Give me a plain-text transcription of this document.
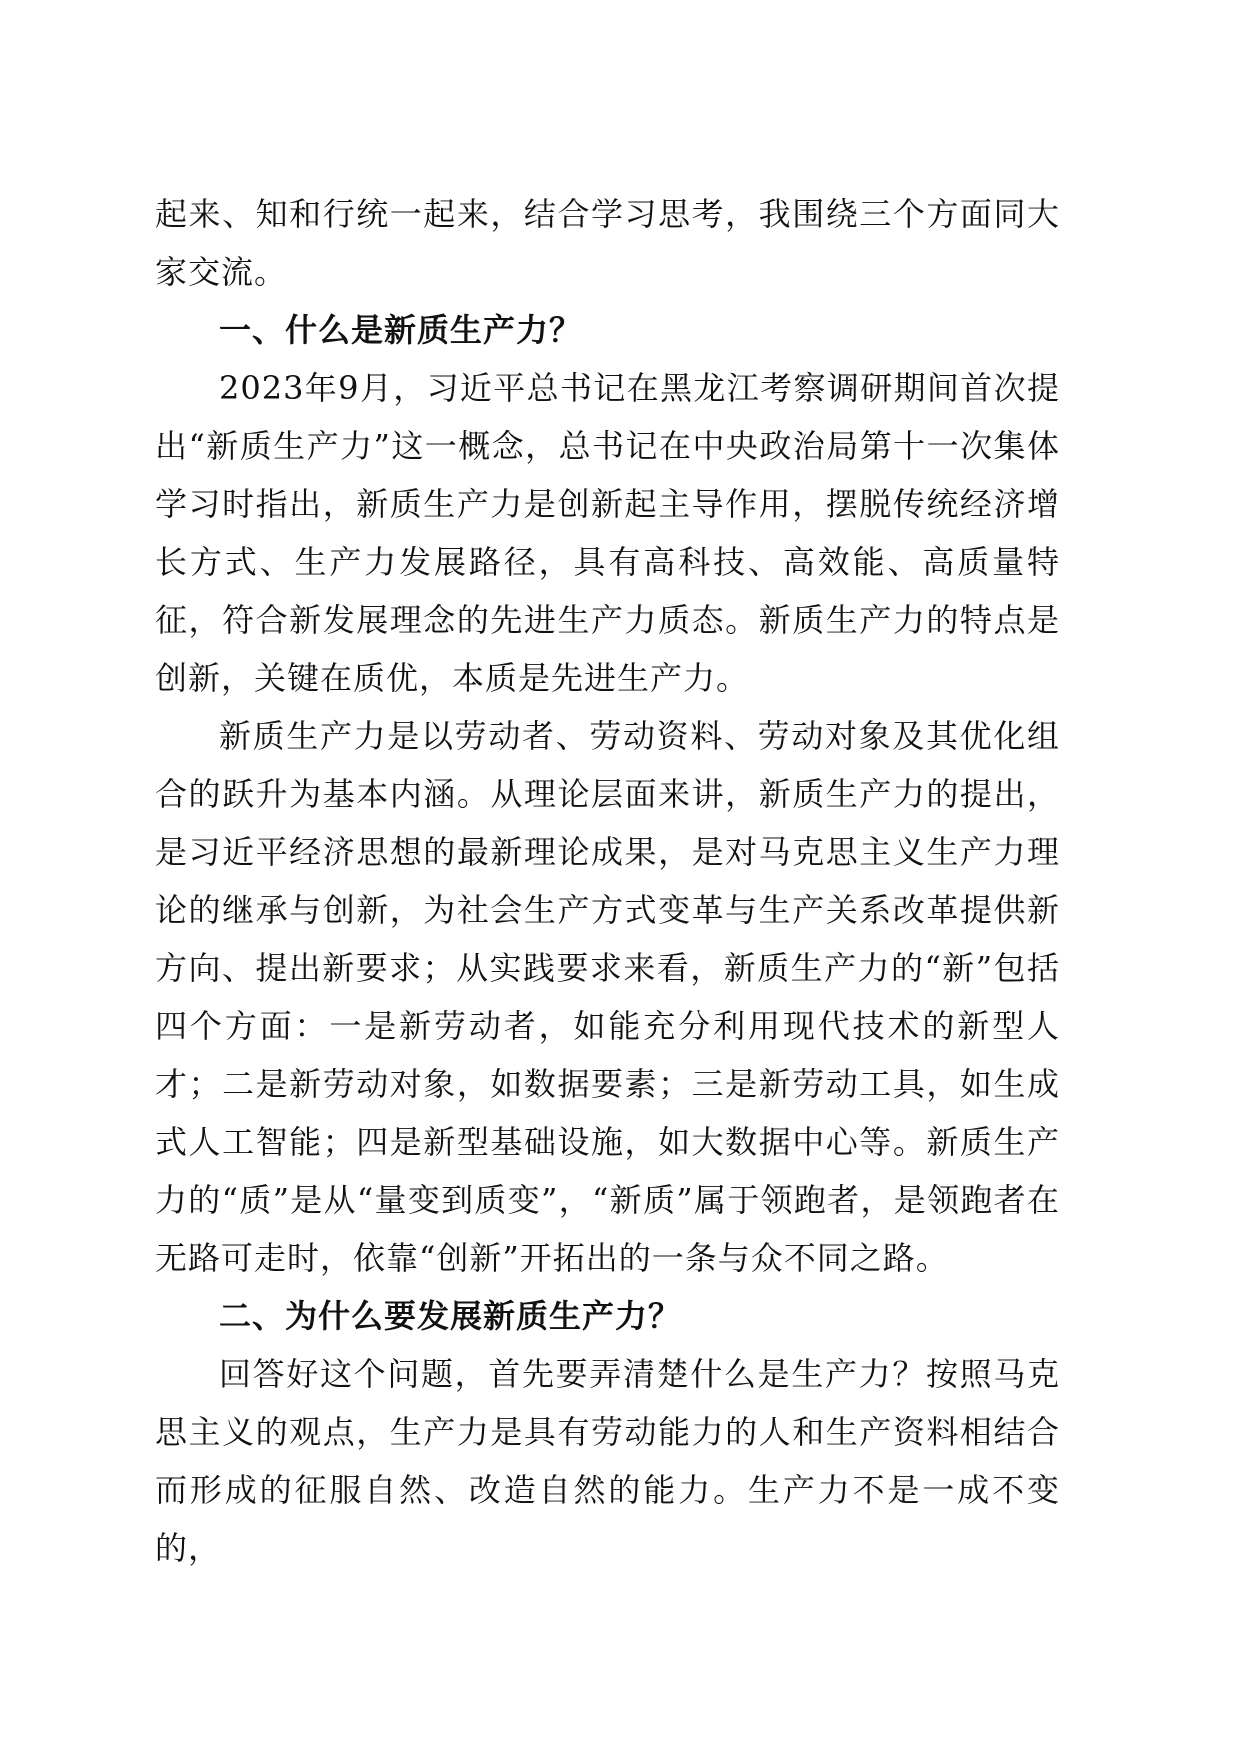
起来、知和行统一起来，结合学习思考，我围绕三个方面同大家交流。

一、什么是新质生产力？

2023年9月，习近平总书记在黑龙江考察调研期间首次提出“新质生产力”这一概念，总书记在中央政治局第十一次集体学习时指出，新质生产力是创新起主导作用，摆脱传统经济增长方式、生产力发展路径，具有高科技、高效能、高质量特征，符合新发展理念的先进生产力质态。新质生产力的特点是创新，关键在质优，本质是先进生产力。

新质生产力是以劳动者、劳动资料、劳动对象及其优化组合的跃升为基本内涵。从理论层面来讲，新质生产力的提出，是习近平经济思想的最新理论成果，是对马克思主义生产力理论的继承与创新，为社会生产方式变革与生产关系改革提供新方向、提出新要求；从实践要求来看，新质生产力的“新”包括四个方面：一是新劳动者，如能充分利用现代技术的新型人才；二是新劳动对象，如数据要素；三是新劳动工具，如生成式人工智能；四是新型基础设施，如大数据中心等。新质生产力的“质”是从“量变到质变”，“新质”属于领跑者，是领跑者在无路可走时，依靠“创新”开拓出的一条与众不同之路。

二、为什么要发展新质生产力？

回答好这个问题，首先要弄清楚什么是生产力？按照马克思主义的观点，生产力是具有劳动能力的人和生产资料相结合而形成的征服自然、改造自然的能力。生产力不是一成不变的，
